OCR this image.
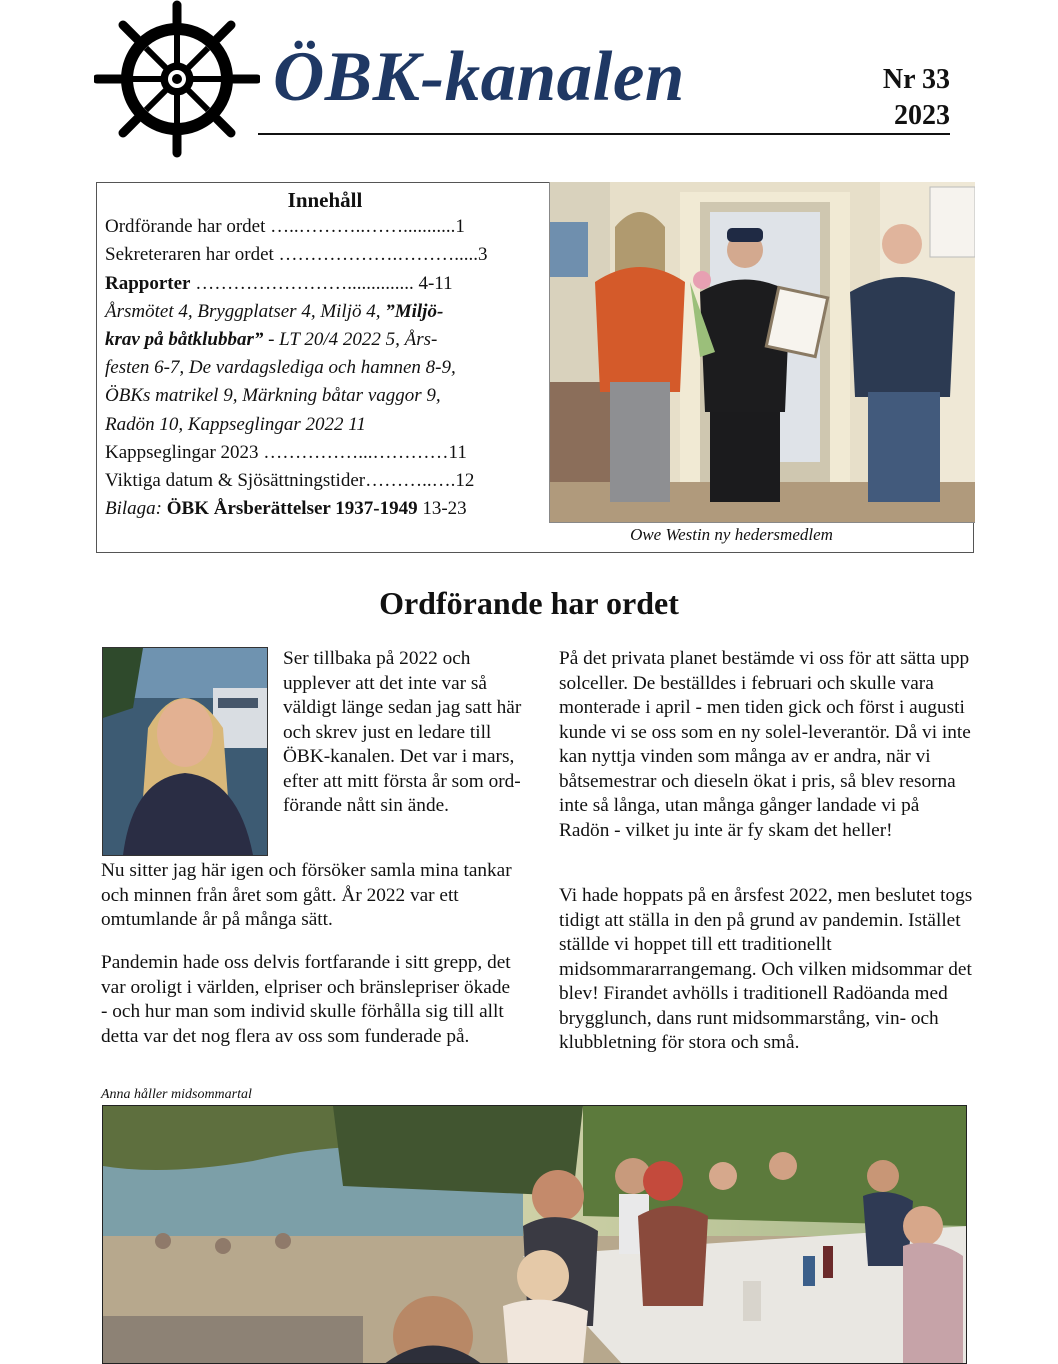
ÖBK-kanalen	Nr 33
2023
Innehåll
Ordförande har ordet …..………..……...........1
Sekreteraren har ordet ……………….……….....3
Rapporter …………………….............. 4-11
Årsmötet 4, Bryggplatser 4, Miljö 4, ”Miljö-
krav på båtklubbar” - LT 20/4 2022 5, Års-
festen 6-7, De vardagslediga och hamnen 8-9,
ÖBKs matrikel 9, Märkning båtar vaggor 9,
Radön 10, Kappseglingar 2022 11
Kappseglingar 2023 ……………...…………11
Viktiga datum & Sjösättningstider………..….12
Bilaga: ÖBK Årsberättelser 1937-1949 13-23
Owe Westin ny hedersmedlem
Ordförande har ordet
Ser tillbaka på 2022 och upplever att det inte var så väldigt länge sedan jag satt här och skrev just en ledare till ÖBK-kanalen. Det var i mars, efter att mitt första år som ord-förande nått sin ände.
Nu sitter jag här igen och försöker samla mina tankar och minnen från året som gått. År 2022 var ett omtumlande år på många sätt.
Pandemin hade oss delvis fortfarande i sitt grepp, det var oroligt i världen, elpriser och bränslepriser ökade - och hur man som individ skulle förhålla sig till allt detta var det nog flera av oss som funderade på.
På det privata planet bestämde vi oss för att sätta upp solceller. De beställdes i februari och skulle vara monterade i april - men tiden gick och först i augusti kunde vi se oss som en ny solel-leverantör. Då vi inte kan nyttja vinden som många av er andra, när vi båtsemestrar och dieseln ökat i pris, så blev resorna inte så långa, utan många gånger landade vi på Radön - vilket ju inte är fy skam det heller!
Vi hade hoppats på en årsfest 2022, men beslutet togs tidigt att ställa in den på grund av pandemin. Istället ställde vi hoppet till ett traditionellt midsommararrangemang. Och vilken midsommar det blev! Firandet avhölls i traditionell Radöanda med brygglunch, dans runt midsommarstång, vin- och klubbletning för stora och små.
Anna håller midsommartal
